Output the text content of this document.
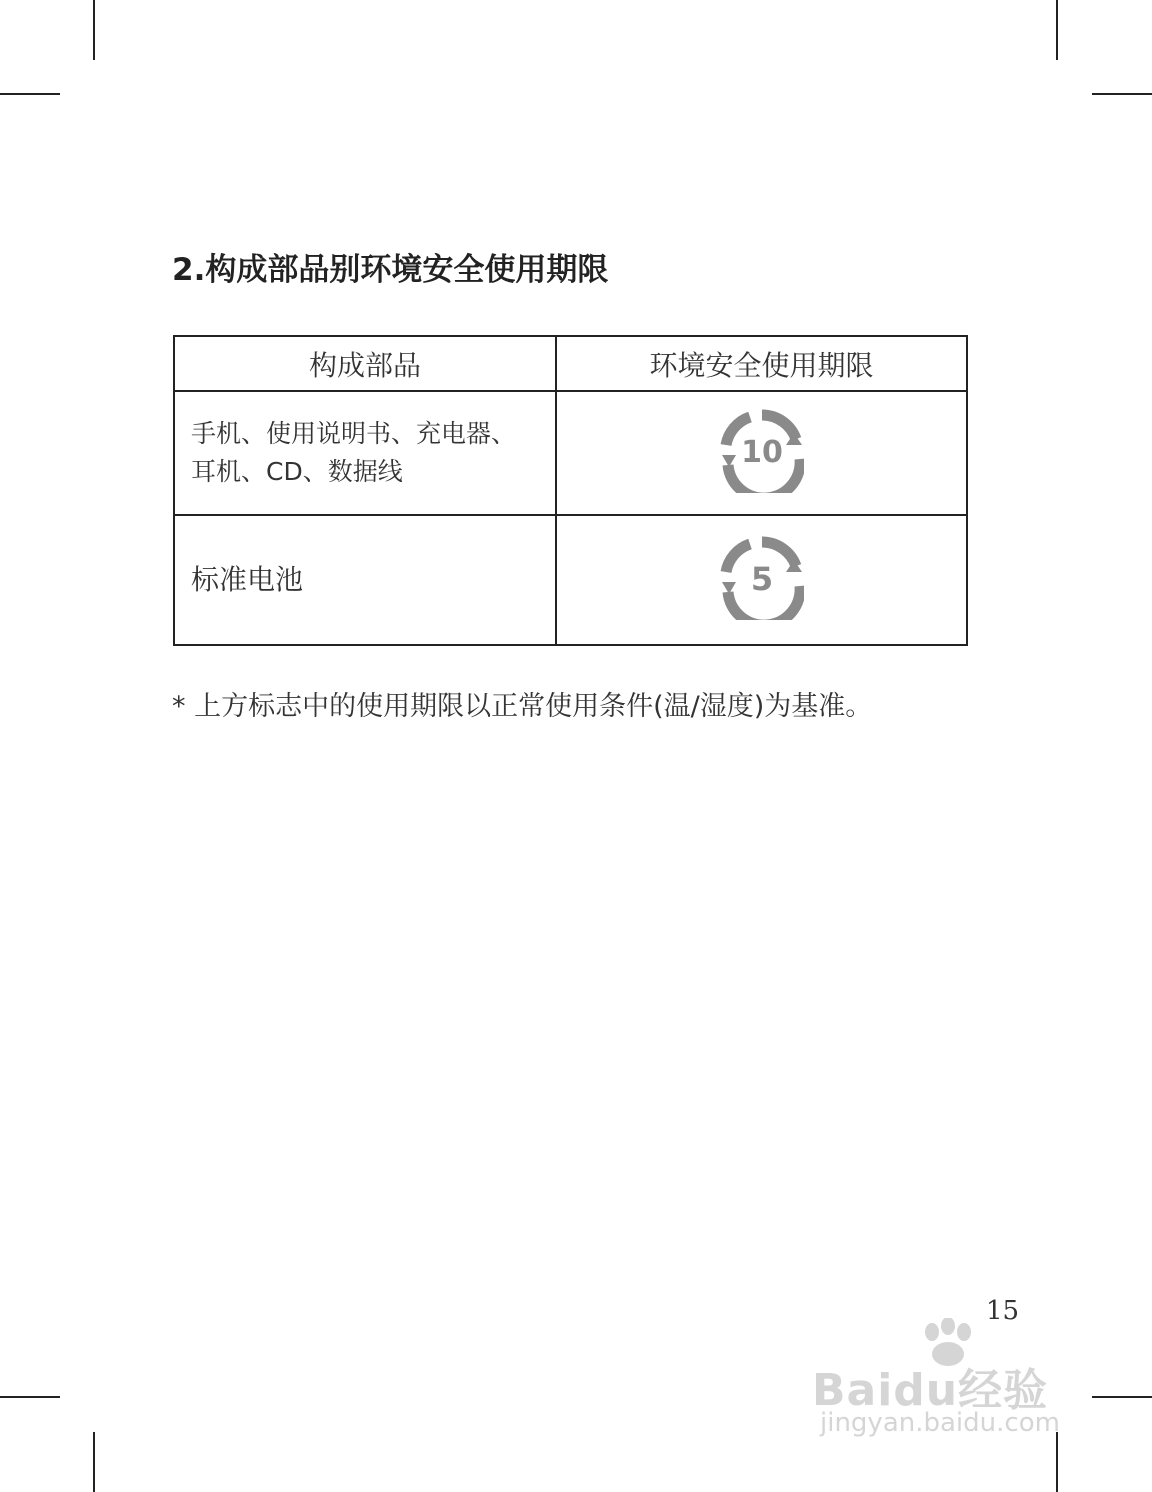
2.构成部品别环境安全使用期限
构成部品	环境安全使用期限

手机、使用说明书、充电器、
耳机、CD、数据线	10

标准电池	5
* 上方标志中的使用期限以正常使用条件(温/湿度)为基准。
15
Baidu经验
jingyan.baidu.com
